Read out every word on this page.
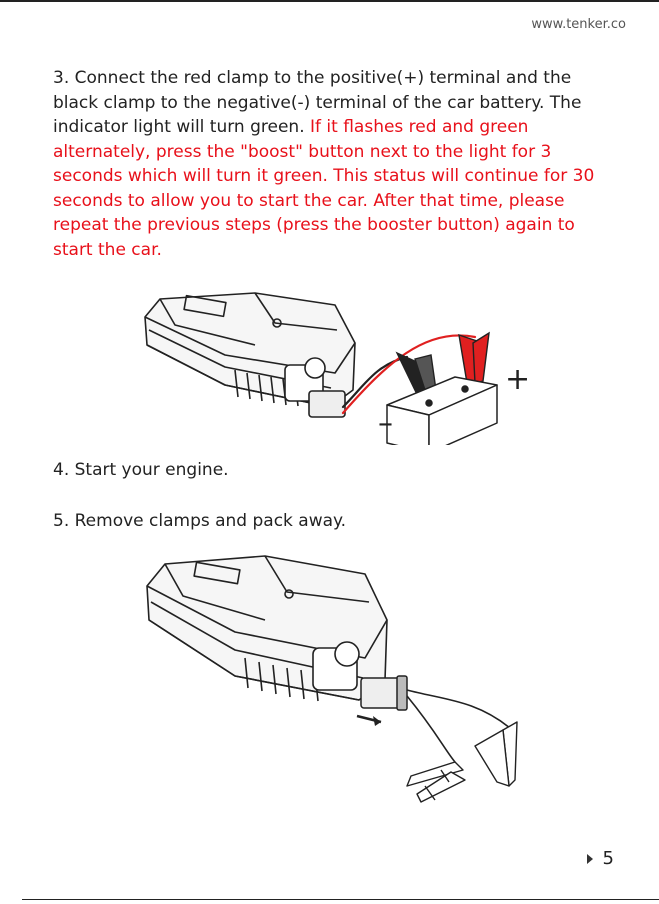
www.tenker.co

3. Connect the red clamp to the positive(+) terminal and the black clamp to the negative(-) terminal of the car battery. The indicator light will turn green. If it flashes red and green alternately, press the "boost" button next to the light for 3 seconds which will turn it green. This status will continue for 30 seconds to allow you to start the car. After that time, please repeat the previous steps (press the booster button) again to start the car.

+
–
4. Start your engine.
5. Remove clamps and pack away.
5
